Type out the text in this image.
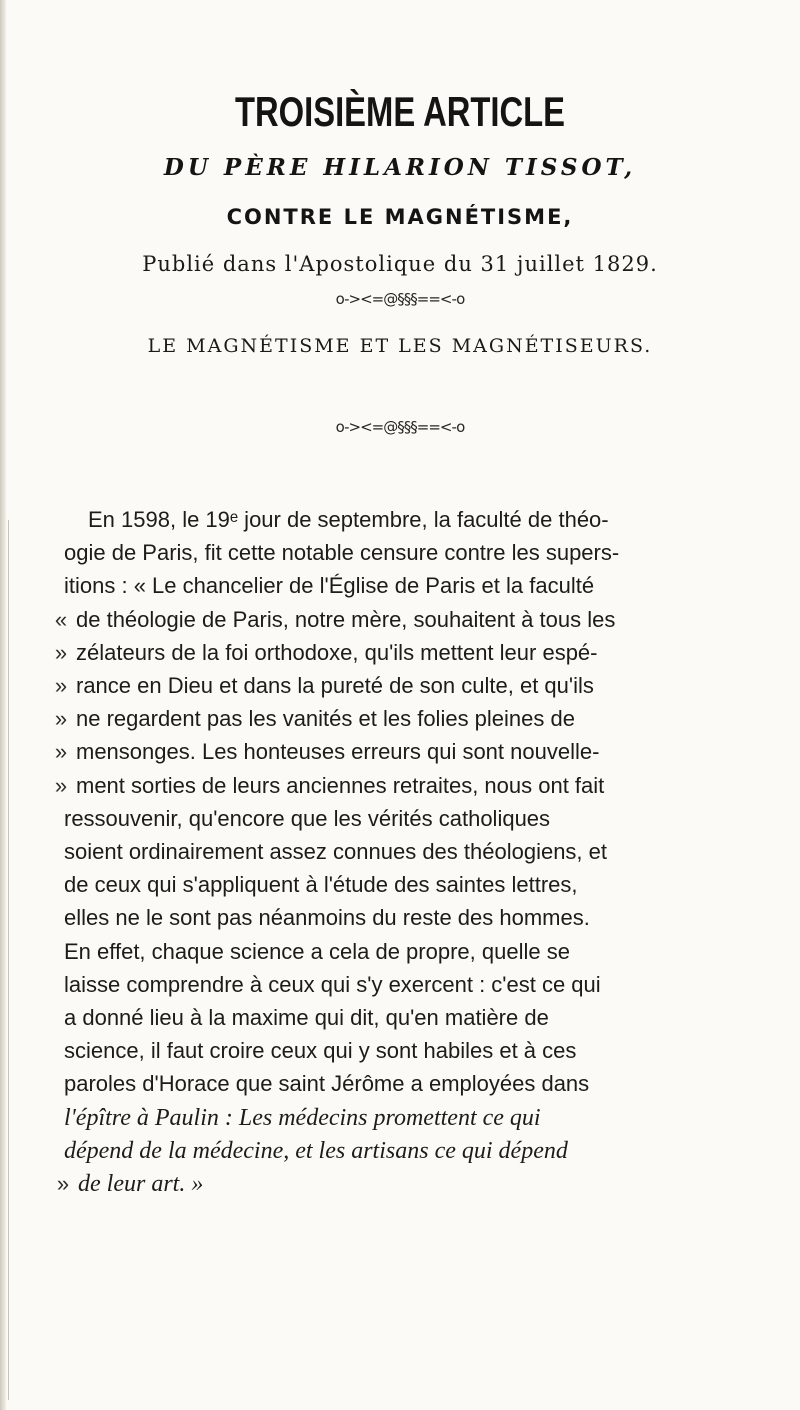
TROISIÈME ARTICLE
DU PÈRE HILARION TISSOT,
CONTRE LE MAGNÉTISME,
Publié dans l'Apostolique du 31 juillet 1829.
o-><=@§§§==<-o
LE MAGNÉTISME ET LES MAGNÉTISEURS.
o-><=@§§§==<-o
En 1598, le 19ᵉ jour de septembre, la faculté de théo-
ogie de Paris, fit cette notable censure contre les supers-
itions : « Le chancelier de l'Église de Paris et la faculté
« de théologie de Paris, notre mère, souhaitent à tous les
» zélateurs de la foi orthodoxe, qu'ils mettent leur espé-
» rance en Dieu et dans la pureté de son culte, et qu'ils
» ne regardent pas les vanités et les folies pleines de
» mensonges. Les honteuses erreurs qui sont nouvelle-
» ment sorties de leurs anciennes retraites, nous ont fait
ressouvenir, qu'encore que les vérités catholiques
soient ordinairement assez connues des théologiens, et
de ceux qui s'appliquent à l'étude des saintes lettres,
elles ne le sont pas néanmoins du reste des hommes.
En effet, chaque science a cela de propre, quelle se
laisse comprendre à ceux qui s'y exercent : c'est ce qui
a donné lieu à la maxime qui dit, qu'en matière de
science, il faut croire ceux qui y sont habiles et à ces
paroles d'Horace que saint Jérôme a employées dans
l'épître à Paulin : Les médecins promettent ce qui
dépend de la médecine, et les artisans ce qui dépend
» de leur art. »
